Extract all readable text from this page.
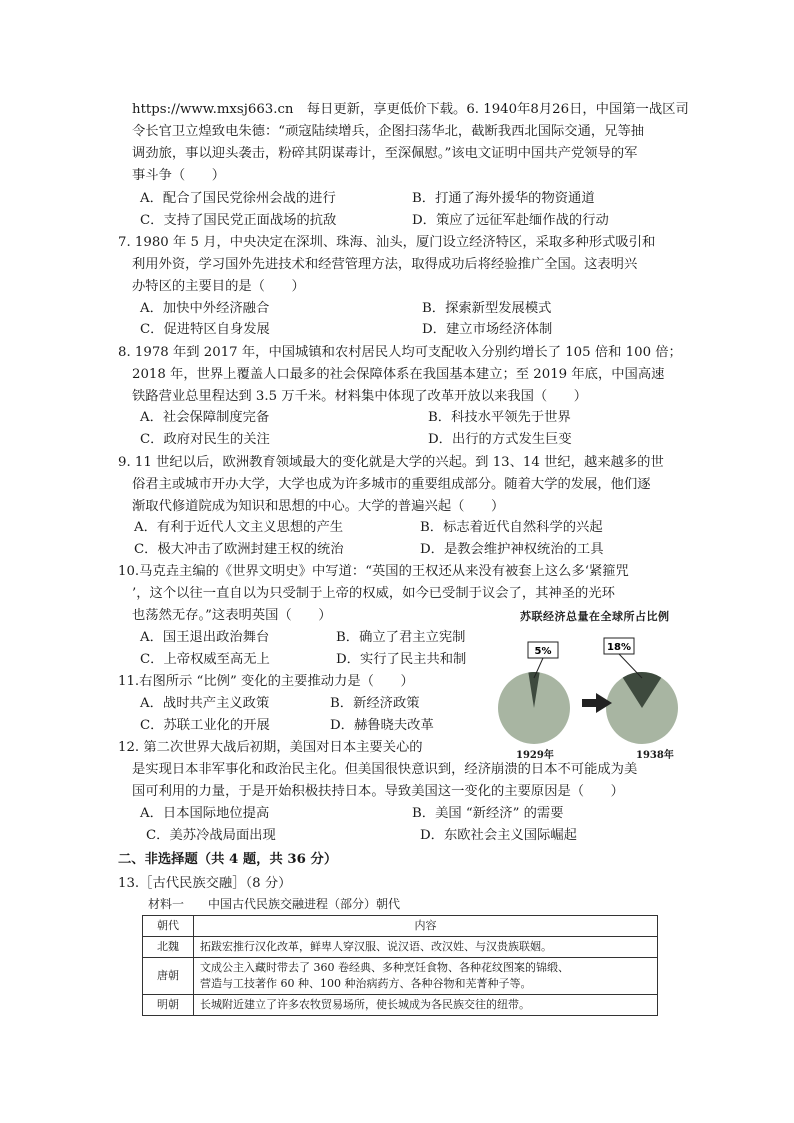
https://www.mxsj663.cn　每日更新，享更低价下载。6. 1940年8月26日，中国第一战区司
令长官卫立煌致电朱德：“顽寇陆续增兵，企图扫荡华北，截断我西北国际交通，兄等抽
调劲旅，事以迎头袭击，粉碎其阴谋毒计，至深佩慰。”该电文证明中国共产党领导的军
事斗争（　　）
A．配合了国民党徐州会战的进行	B．打通了海外援华的物资通道
C．支持了国民党正面战场的抗敌	D．策应了远征军赴缅作战的行动
7. 1980 年 5 月，中央决定在深圳、珠海、汕头，厦门设立经济特区，采取多种形式吸引和
利用外资，学习国外先进技术和经营管理方法，取得成功后将经验推广全国。这表明兴
办特区的主要目的是（　　）
A．加快中外经济融合	B．探索新型发展模式
C．促进特区自身发展	D．建立市场经济体制
8. 1978 年到 2017 年，中国城镇和农村居民人均可支配收入分别约增长了 105 倍和 100 倍；
2018 年，世界上覆盖人口最多的社会保障体系在我国基本建立；至 2019 年底，中国高速
铁路营业总里程达到 3.5 万千米。材料集中体现了改革开放以来我国（　　）
A．社会保障制度完备	B．科技水平领先于世界
C．政府对民生的关注	D．出行的方式发生巨变
9. 11 世纪以后，欧洲教育领域最大的变化就是大学的兴起。到 13、14 世纪，越来越多的世
俗君主或城市开办大学，大学也成为许多城市的重要组成部分。随着大学的发展，他们逐
渐取代修道院成为知识和思想的中心。大学的普遍兴起（　　）
A．有利于近代人文主义思想的产生	B．标志着近代自然科学的兴起
C．极大冲击了欧洲封建王权的统治	D．是教会维护神权统治的工具
10.马克垚主编的《世界文明史》中写道：“英国的王权还从来没有被套上这么多‘紧箍咒
’，这个以往一直自以为只受制于上帝的权威，如今已受制于议会了，其神圣的光环
也荡然无存。”这表明英国（　　）
A．国王退出政治舞台	B．确立了君主立宪制
C．上帝权威至高无上	D．实行了民主共和制
11.右图所示 “比例” 变化的主要推动力是（　　）
A．战时共产主义政策	B．新经济政策
C．苏联工业化的开展	D．赫鲁晓夫改革
苏联经济总量在全球所占比例
5%	18%
1929年	1938年
12. 第二次世界大战后初期，美国对日本主要关心的
是实现日本非军事化和政治民主化。但美国很快意识到，经济崩溃的日本不可能成为美
国可利用的力量，于是开始积极扶持日本。导致美国这一变化的主要原因是（　　）
A．日本国际地位提高	B．美国 “新经济” 的需要
C．美苏冷战局面出现	D．东欧社会主义国际崛起
二、非选择题（共 4 题，共 36 分）
13.［古代民族交融］（8 分）
材料一　　中国古代民族交融进程（部分）朝代
朝代	内容
北魏	拓跋宏推行汉化改革，鲜卑人穿汉服、说汉语、改汉姓、与汉贵族联姻。
唐朝	文成公主入藏时带去了 360 卷经典、多种烹饪食物、各种花纹图案的锦缎、
营造与工技著作 60 种、100 种治病药方、各种谷物和芜菁种子等。
明朝	长城附近建立了许多农牧贸易场所，使长城成为各民族交往的纽带。
